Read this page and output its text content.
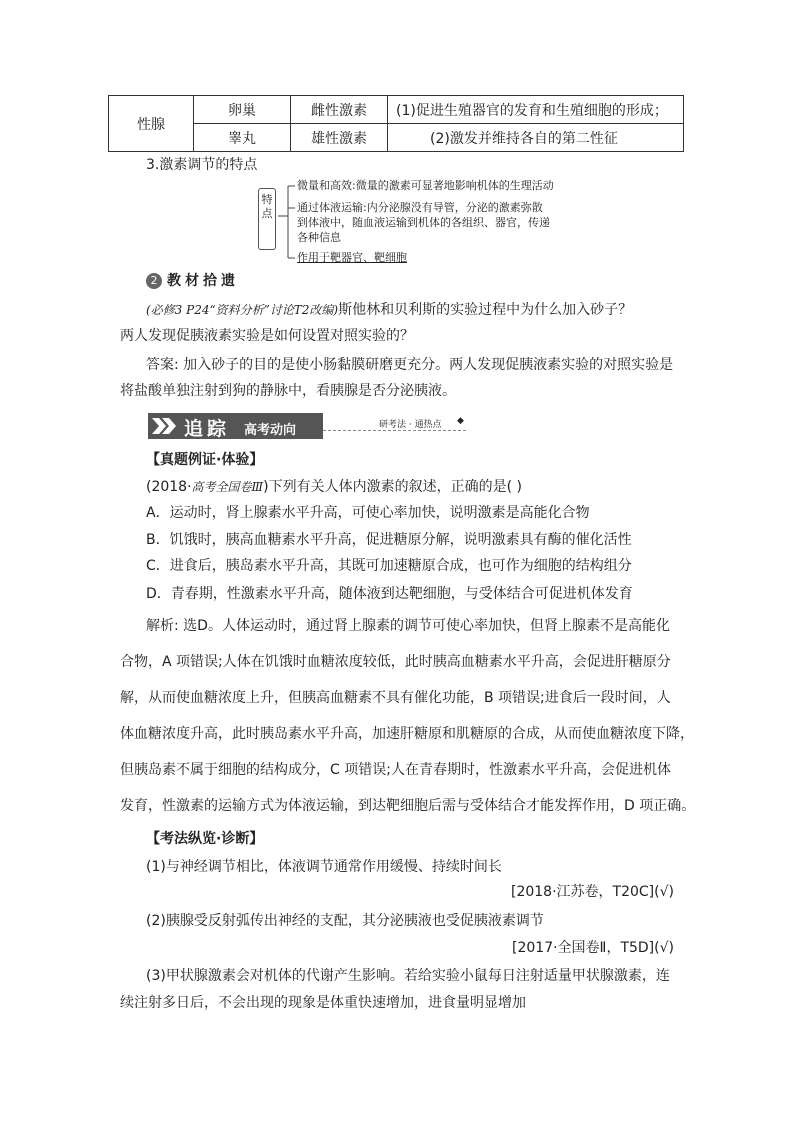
性腺	卵巢	雌性激素	(1)促进生殖器官的发育和生殖细胞的形成；
	睾丸	雄性激素	(2)激发并维持各自的第二性征
3.激素调节的特点
特点
微量和高效:微量的激素可显著地影响机体的生理活动
通过体液运输:内分泌腺没有导管，分泌的激素弥散
到体液中，随血液运输到机体的各组织、器官，传递
各种信息
作用于靶器官、靶细胞
2 教材拾遗
(必修3 P24“资料分析”讨论T2改编)斯他林和贝利斯的实验过程中为什么加入砂子？
两人发现促胰液素实验是如何设置对照实验的？
答案: 加入砂子的目的是使小肠黏膜研磨更充分。两人发现促胰液素实验的对照实验是
将盐酸单独注射到狗的静脉中，看胰腺是否分泌胰液。
追踪 高考动向	研考法 · 通热点 ◆
【真题例证·体验】
(2018·高考全国卷Ⅲ)下列有关人体内激素的叙述，正确的是( )
A．运动时，肾上腺素水平升高，可使心率加快，说明激素是高能化合物
B．饥饿时，胰高血糖素水平升高，促进糖原分解，说明激素具有酶的催化活性
C．进食后，胰岛素水平升高，其既可加速糖原合成，也可作为细胞的结构组分
D．青春期，性激素水平升高，随体液到达靶细胞，与受体结合可促进机体发育
解析: 选D。人体运动时，通过肾上腺素的调节可使心率加快，但肾上腺素不是高能化
合物，A 项错误;人体在饥饿时血糖浓度较低，此时胰高血糖素水平升高，会促进肝糖原分
解，从而使血糖浓度上升，但胰高血糖素不具有催化功能，B 项错误;进食后一段时间，人
体血糖浓度升高，此时胰岛素水平升高，加速肝糖原和肌糖原的合成，从而使血糖浓度下降，
但胰岛素不属于细胞的结构成分，C 项错误;人在青春期时，性激素水平升高，会促进机体
发育，性激素的运输方式为体液运输，到达靶细胞后需与受体结合才能发挥作用，D 项正确。
【考法纵览·诊断】
(1)与神经调节相比，体液调节通常作用缓慢、持续时间长
[2018·江苏卷，T20C](√)
(2)胰腺受反射弧传出神经的支配，其分泌胰液也受促胰液素调节
[2017·全国卷Ⅱ，T5D](√)
(3)甲状腺激素会对机体的代谢产生影响。若给实验小鼠每日注射适量甲状腺激素，连
续注射多日后，不会出现的现象是体重快速增加，进食量明显增加
